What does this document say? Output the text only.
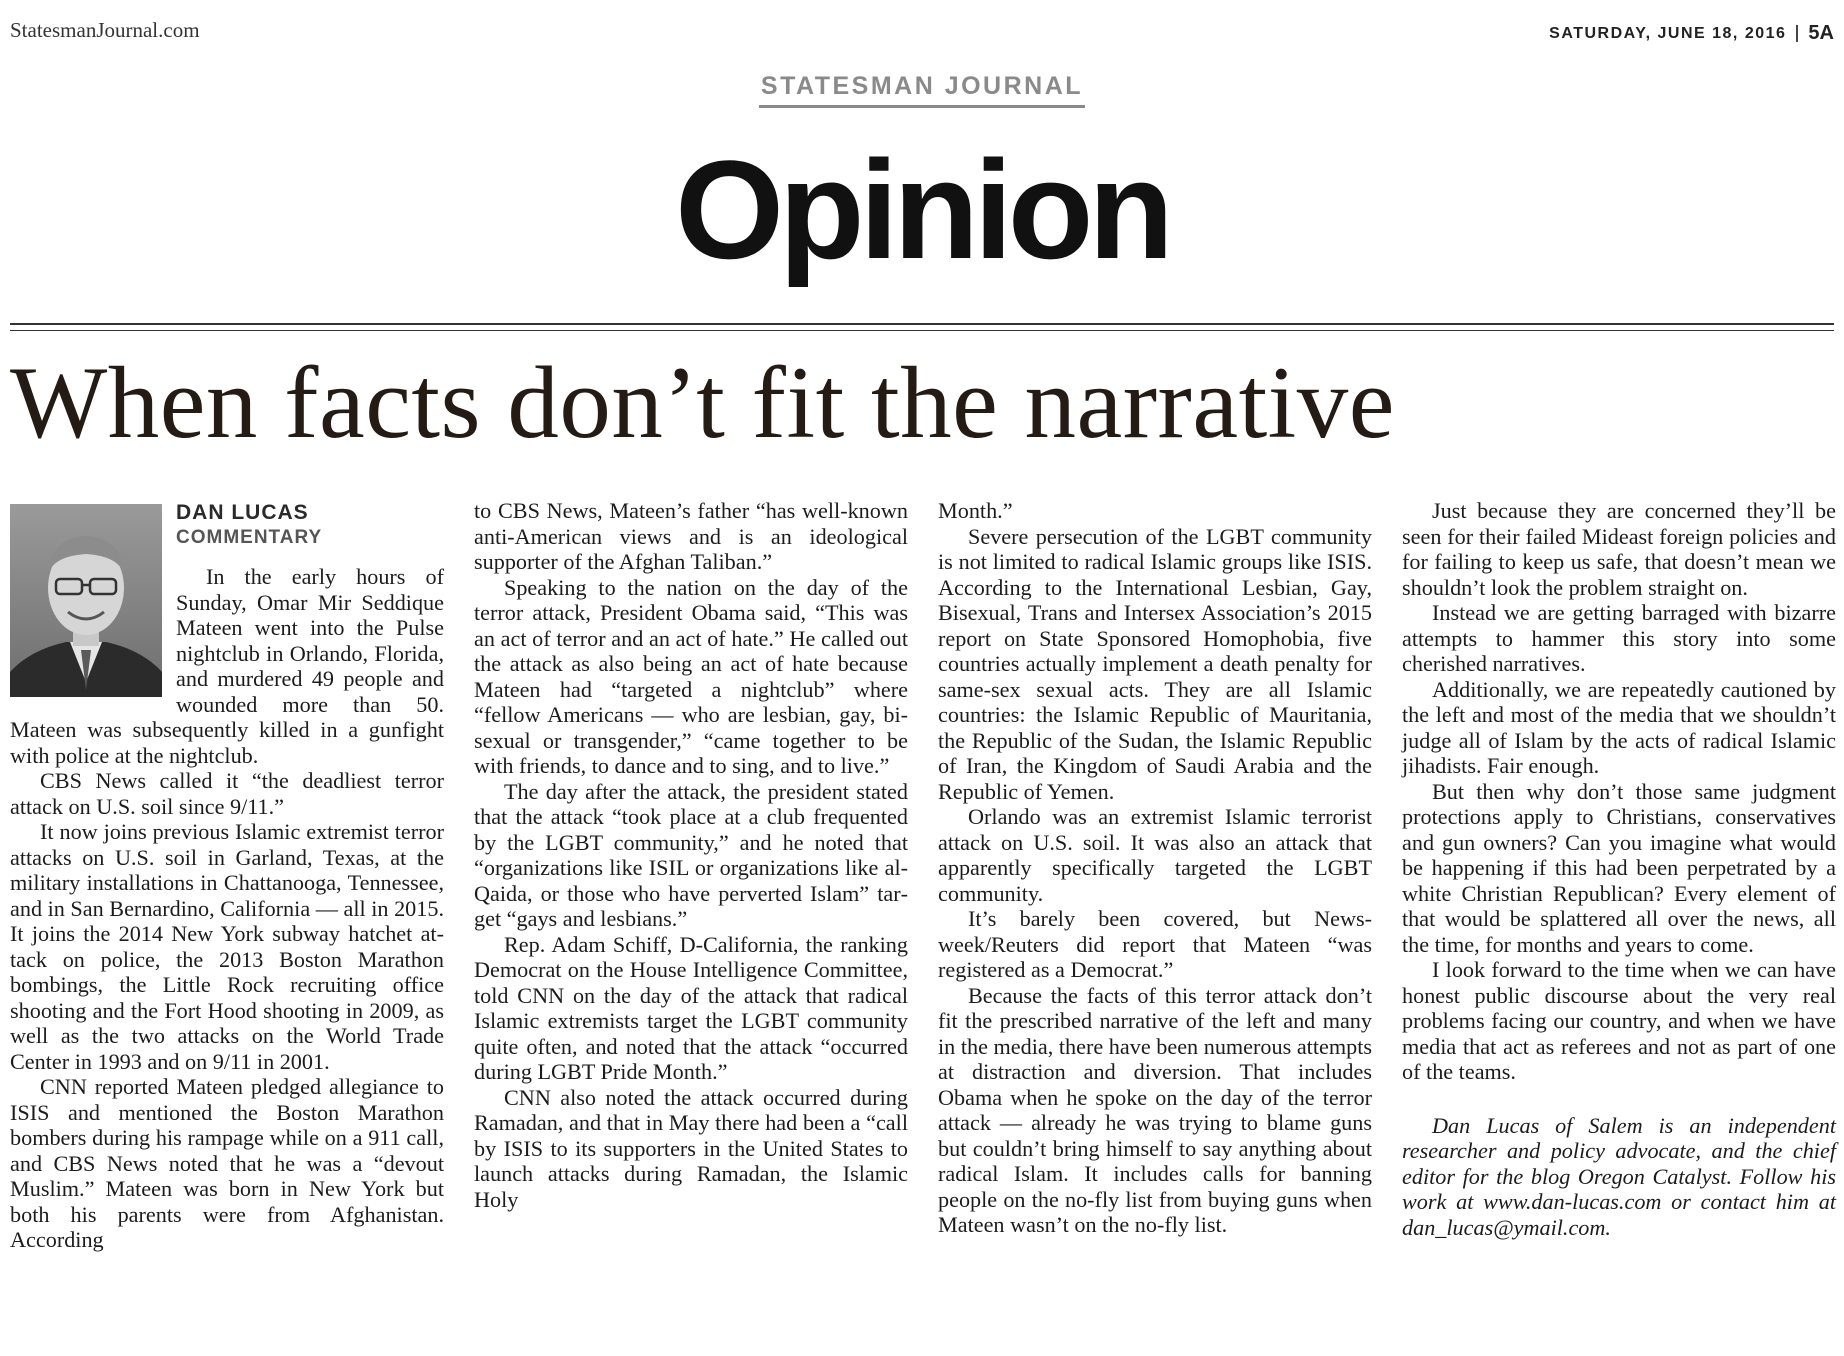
StatesmanJournal.com	SATURDAY, JUNE 18, 2016 5A
STATESMAN JOURNAL
Opinion
When facts don’t fit the narrative
DAN LUCAS
COMMENTARY

In the early hours of Sunday, Omar Mir Seddique Mateen went into the Pulse nightclub in Orlando, Florida, and murdered 49 people and wounded more than 50. Mateen was subsequently killed in a gunfight with police at the nightclub.

CBS News called it “the deadliest terror attack on U.S. soil since 9/11.”

It now joins previous Islamic extremist terror attacks on U.S. soil in Garland, Texas, at the military installations in Chattanooga, Tennessee, and in San Bernardino, California — all in 2015. It joins the 2014 New York subway hatchet attack on police, the 2013 Boston Marathon bombings, the Little Rock recruiting office shooting and the Fort Hood shooting in 2009, as well as the two attacks on the World Trade Center in 1993 and on 9/11 in 2001.

CNN reported Mateen pledged allegiance to ISIS and mentioned the Boston Marathon bombers during his rampage while on a 911 call, and CBS News noted that he was a “devout Muslim.” Mateen was born in New York but both his parents were from Afghanistan. According

to CBS News, Mateen’s father “has well-known anti-American views and is an ideological supporter of the Afghan Taliban.”

Speaking to the nation on the day of the terror attack, President Obama said, “This was an act of terror and an act of hate.” He called out the attack as also being an act of hate because Mateen had “targeted a nightclub” where “fellow Americans — who are lesbian, gay, bisexual or transgender,” “came together to be with friends, to dance and to sing, and to live.”

The day after the attack, the president stated that the attack “took place at a club frequented by the LGBT community,” and he noted that “organizations like ISIL or organizations like al-Qaida, or those who have perverted Islam” target “gays and lesbians.”

Rep. Adam Schiff, D-California, the ranking Democrat on the House Intelligence Committee, told CNN on the day of the attack that radical Islamic extremists target the LGBT community quite often, and noted that the attack “occurred during LGBT Pride Month.”

CNN also noted the attack occurred during Ramadan, and that in May there had been a “call by ISIS to its supporters in the United States to launch attacks during Ramadan, the Islamic Holy

Month.”

Severe persecution of the LGBT community is not limited to radical Islamic groups like ISIS. According to the International Lesbian, Gay, Bisexual, Trans and Intersex Association’s 2015 report on State Sponsored Homophobia, five countries actually implement a death penalty for same-sex sexual acts. They are all Islamic countries: the Islamic Republic of Mauritania, the Republic of the Sudan, the Islamic Republic of Iran, the Kingdom of Saudi Arabia and the Republic of Yemen.

Orlando was an extremist Islamic terrorist attack on U.S. soil. It was also an attack that apparently specifically targeted the LGBT community.

It’s barely been covered, but Newsweek/Reuters did report that Mateen “was registered as a Democrat.”

Because the facts of this terror attack don’t fit the prescribed narrative of the left and many in the media, there have been numerous attempts at distraction and diversion. That includes Obama when he spoke on the day of the terror attack — already he was trying to blame guns but couldn’t bring himself to say anything about radical Islam. It includes calls for banning people on the no-fly list from buying guns when Mateen wasn’t on the no-fly list.

Just because they are concerned they’ll be seen for their failed Mideast foreign policies and for failing to keep us safe, that doesn’t mean we shouldn’t look the problem straight on.

Instead we are getting barraged with bizarre attempts to hammer this story into some cherished narratives.

Additionally, we are repeatedly cautioned by the left and most of the media that we shouldn’t judge all of Islam by the acts of radical Islamic jihadists. Fair enough.

But then why don’t those same judgment protections apply to Christians, conservatives and gun owners? Can you imagine what would be happening if this had been perpetrated by a white Christian Republican? Every element of that would be splattered all over the news, all the time, for months and years to come.

I look forward to the time when we can have honest public discourse about the very real problems facing our country, and when we have media that act as referees and not as part of one of the teams.

Dan Lucas of Salem is an independent researcher and policy advocate, and the chief editor for the blog Oregon Catalyst. Follow his work at www.dan-lucas.com or contact him at dan_lucas@ymail.com.
